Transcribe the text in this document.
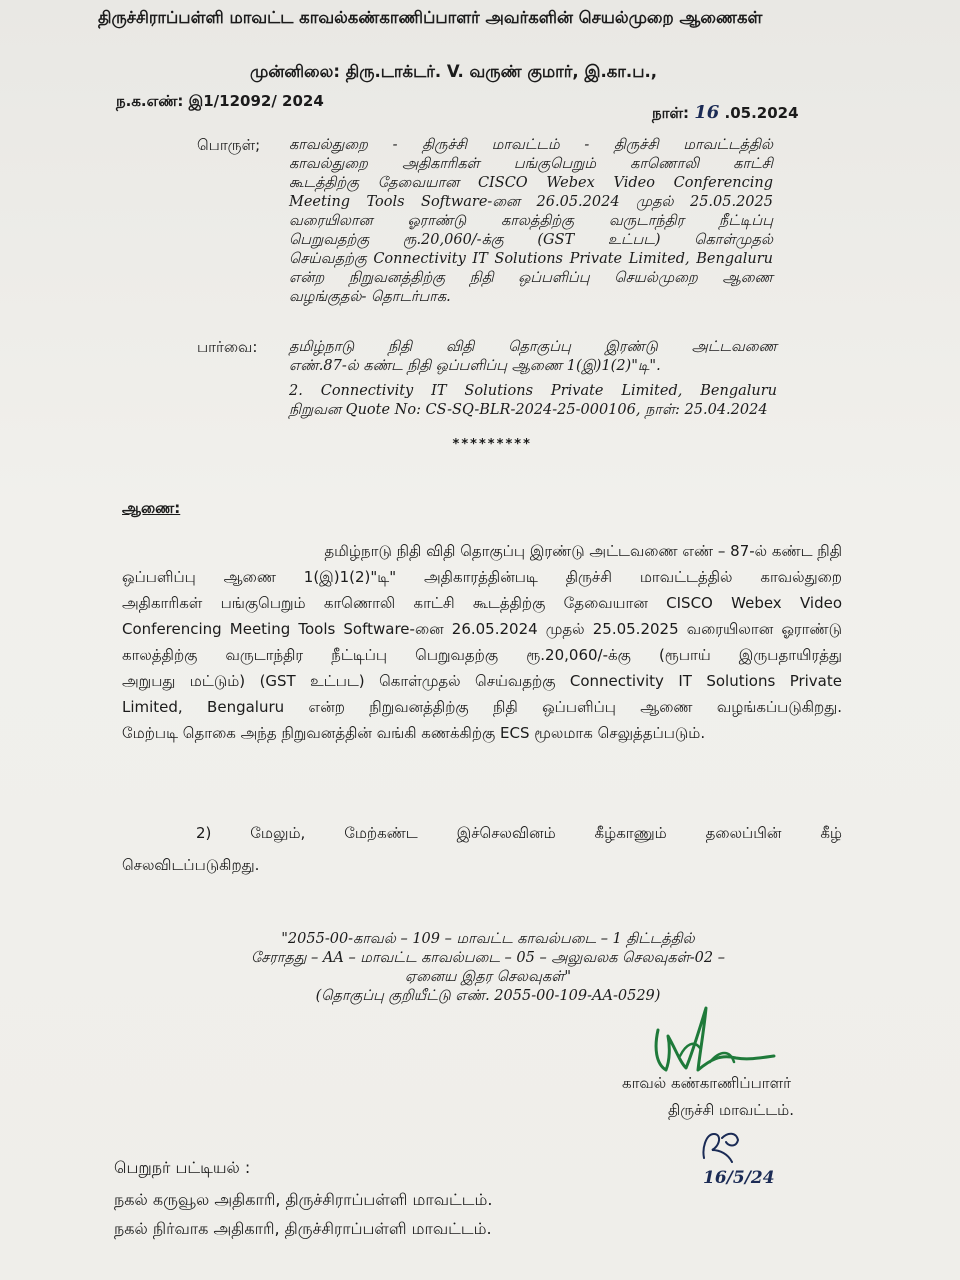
திருச்சிராப்பள்ளி மாவட்ட காவல்கண்காணிப்பாளர் அவர்களின் செயல்முறை ஆணைகள்
முன்னிலை: திரு.டாக்டர். V. வருண் குமார், இ.கா.ப.,
ந.க.எண்: இ1/12092/ 2024
நாள்: 16 .05.2024
பொருள்; காவல்துறை - திருச்சி மாவட்டம் - திருச்சி மாவட்டத்தில்
காவல்துறை அதிகாரிகள் பங்குபெறும் காணொலி காட்சி
கூடத்திற்கு தேவையான CISCO Webex Video Conferencing
Meeting Tools Software-னை 26.05.2024 முதல் 25.05.2025
வரையிலான ஓராண்டு காலத்திற்கு வருடாந்திர நீட்டிப்பு
பெறுவதற்கு ரூ.20,060/-க்கு (GST உட்பட) கொள்முதல்
செய்வதற்கு Connectivity IT Solutions Private Limited, Bengaluru
என்ற நிறுவனத்திற்கு நிதி ஒப்பளிப்பு செயல்முறை ஆணை
வழங்குதல்- தொடர்பாக.
பார்வை: தமிழ்நாடு நிதி விதி தொகுப்பு இரண்டு அட்டவணை
எண்.87-ல் கண்ட நிதி ஒப்பளிப்பு ஆணை 1(இ)1(2)"டி".
2. Connectivity IT Solutions Private Limited, Bengaluru
நிறுவன Quote No: CS-SQ-BLR-2024-25-000106, நாள்: 25.04.2024
*********
ஆணை:
தமிழ்நாடு நிதி விதி தொகுப்பு இரண்டு அட்டவணை எண் – 87-ல் கண்ட நிதி
ஒப்பளிப்பு ஆணை 1(இ)1(2)"டி" அதிகாரத்தின்படி திருச்சி மாவட்டத்தில் காவல்துறை
அதிகாரிகள் பங்குபெறும் காணொலி காட்சி கூடத்திற்கு தேவையான CISCO Webex Video
Conferencing Meeting Tools Software-னை 26.05.2024 முதல் 25.05.2025 வரையிலான ஓராண்டு
காலத்திற்கு வருடாந்திர நீட்டிப்பு பெறுவதற்கு ரூ.20,060/-க்கு (ரூபாய் இருபதாயிரத்து
அறுபது மட்டும்) (GST உட்பட) கொள்முதல் செய்வதற்கு Connectivity IT Solutions Private
Limited, Bengaluru என்ற நிறுவனத்திற்கு நிதி ஒப்பளிப்பு ஆணை வழங்கப்படுகிறது.
மேற்படி தொகை அந்த நிறுவனத்தின் வங்கி கணக்கிற்கு ECS மூலமாக செலுத்தப்படும்.
2) மேலும், மேற்கண்ட இச்செலவினம் கீழ்காணும் தலைப்பின் கீழ்
செலவிடப்படுகிறது.
"2055-00-காவல் – 109 – மாவட்ட காவல்படை – 1 திட்டத்தில்
சேராதது – AA – மாவட்ட காவல்படை – 05 – அலுவலக செலவுகள்-02 –
ஏனைய இதர செலவுகள்"
(தொகுப்பு குறியீட்டு எண். 2055-00-109-AA-0529)
காவல் கண்காணிப்பாளர்
திருச்சி மாவட்டம்.
16/5/24
பெறுநர் பட்டியல் :
நகல் கருவூல அதிகாரி, திருச்சிராப்பள்ளி மாவட்டம்.
நகல் நிர்வாக அதிகாரி, திருச்சிராப்பள்ளி மாவட்டம்.
